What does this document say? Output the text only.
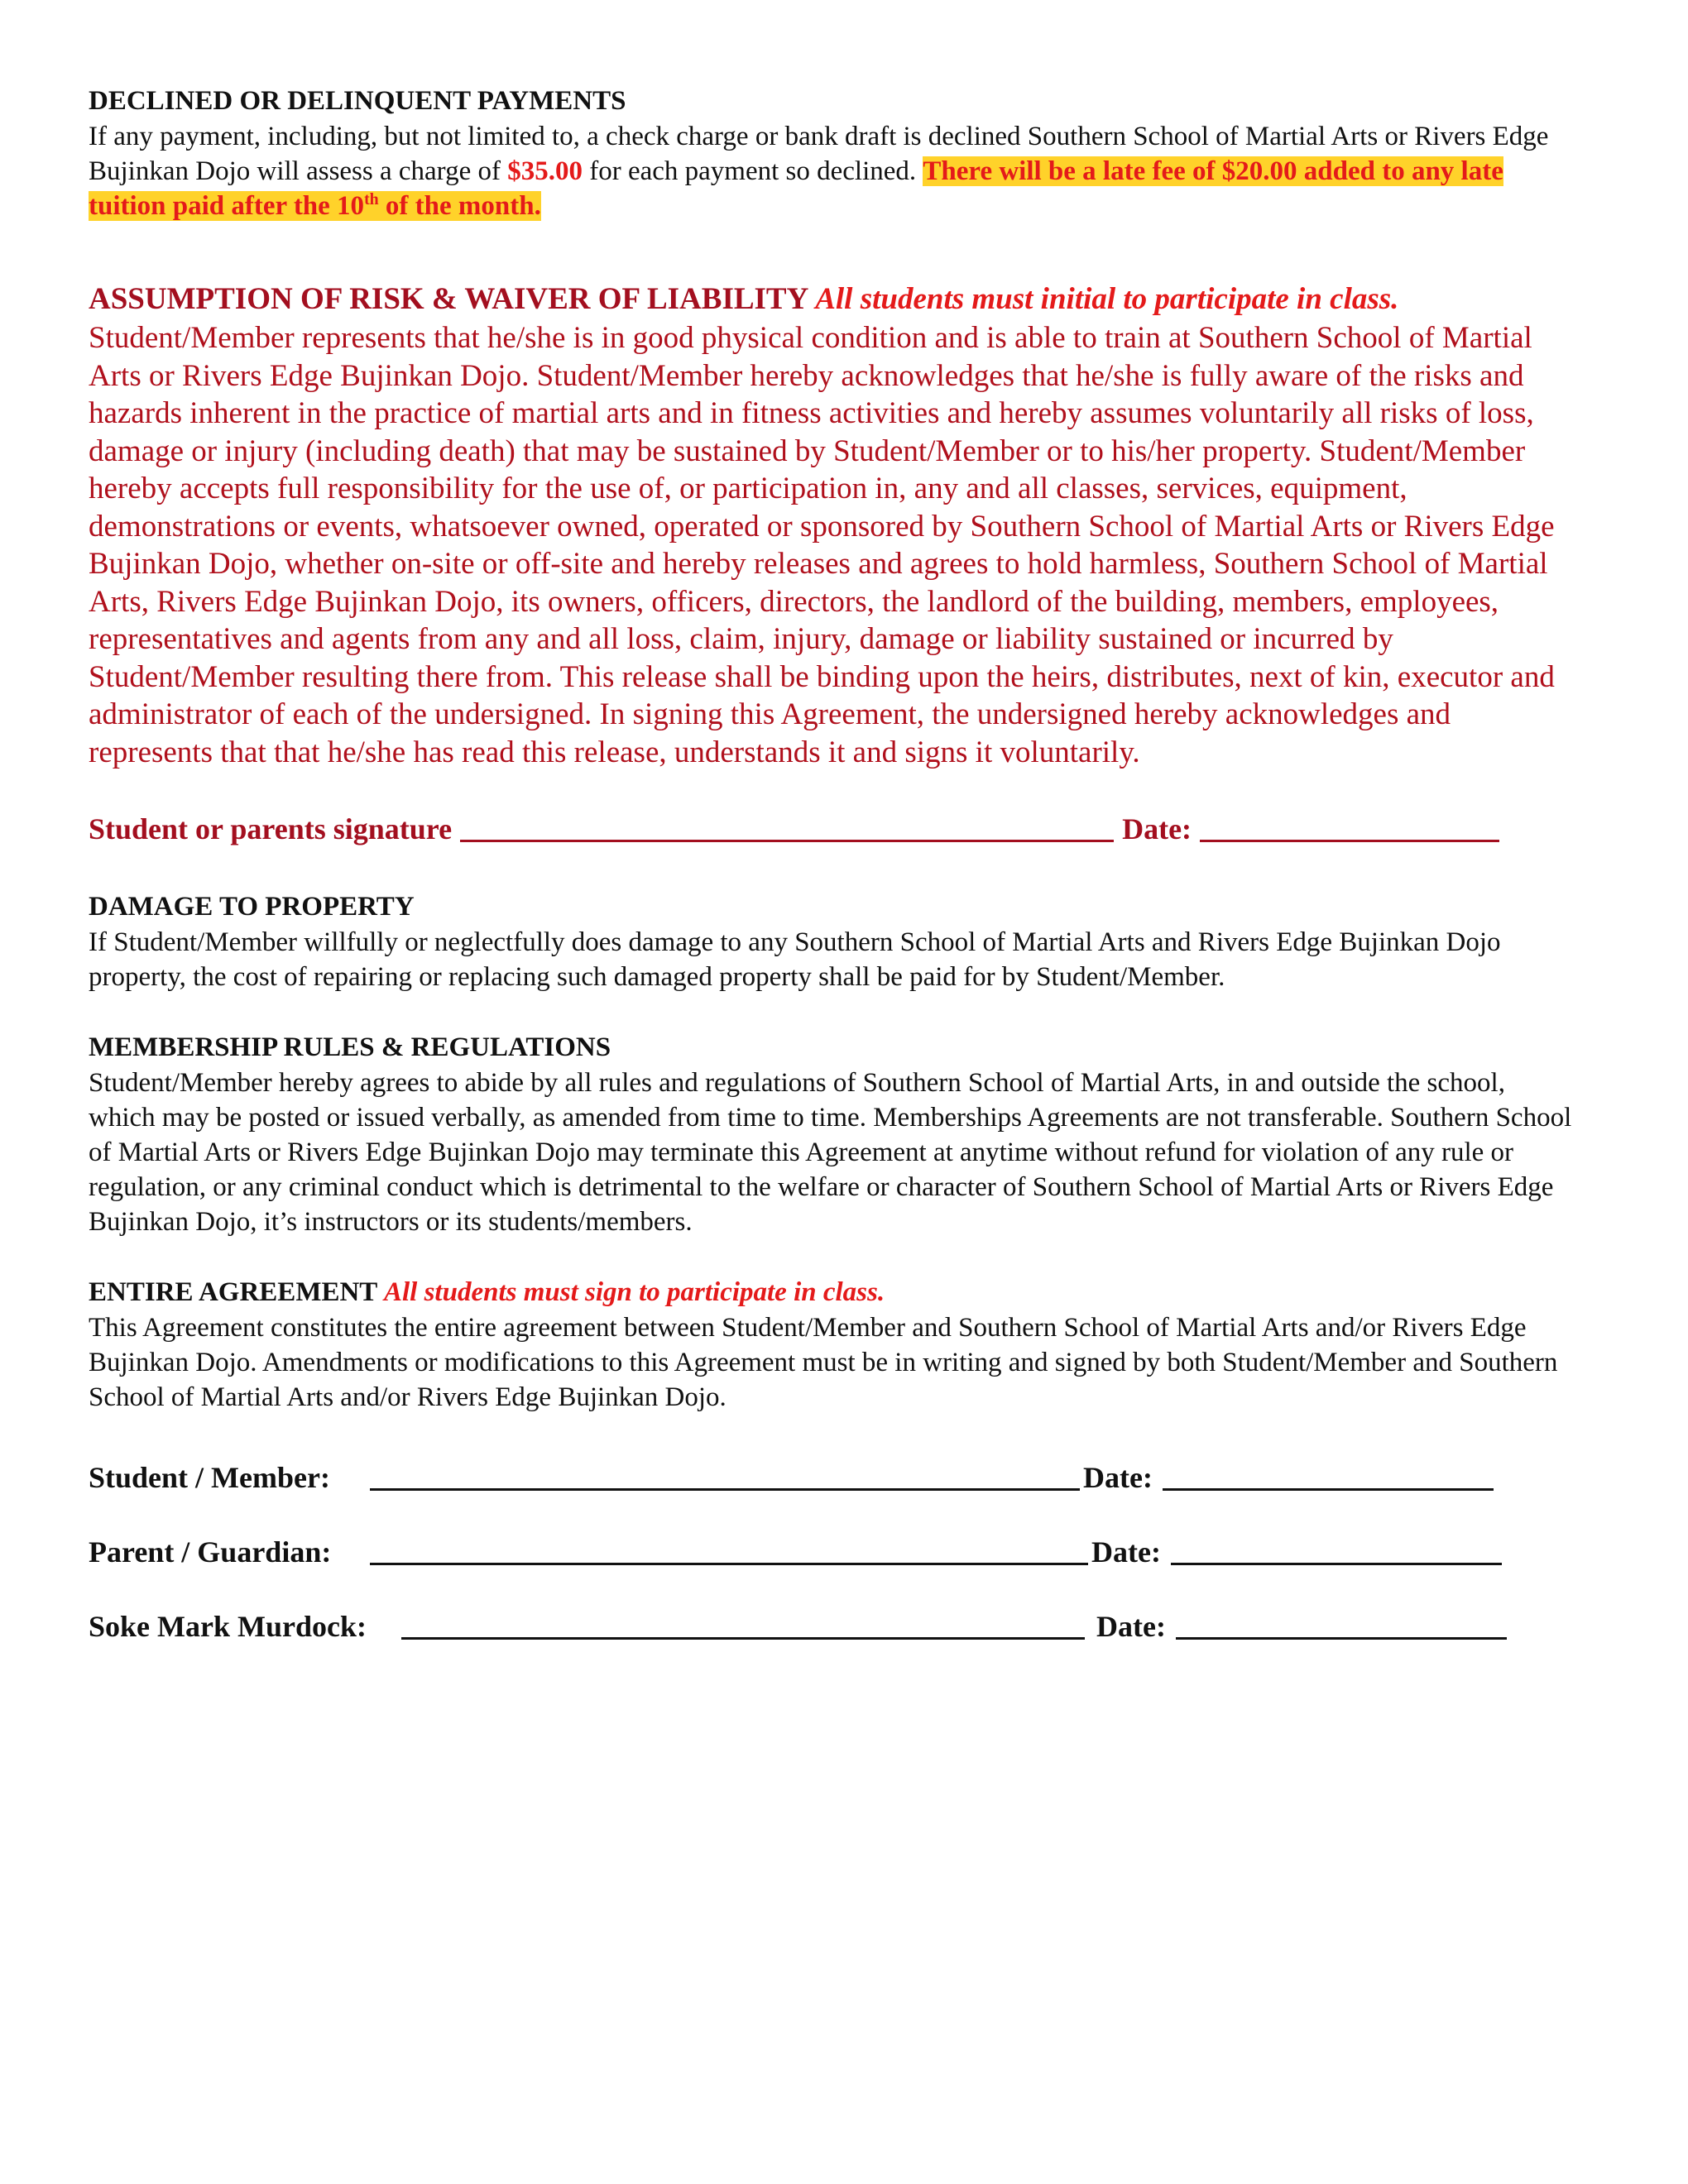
DECLINED OR DELINQUENT PAYMENTS

If any payment, including, but not limited to, a check charge or bank draft is declined Southern School of Martial Arts or Rivers Edge Bujinkan Dojo will assess a charge of $35.00 for each payment so declined. There will be a late fee of $20.00 added to any late tuition paid after the 10th of the month.

ASSUMPTION OF RISK & WAIVER OF LIABILITY All students must initial to participate in class.

Student/Member represents that he/she is in good physical condition and is able to train at Southern School of Martial Arts or Rivers Edge Bujinkan Dojo. Student/Member hereby acknowledges that he/she is fully aware of the risks and hazards inherent in the practice of martial arts and in fitness activities and hereby assumes voluntarily all risks of loss, damage or injury (including death) that may be sustained by Student/Member or to his/her property. Student/Member hereby accepts full responsibility for the use of, or participation in, any and all classes, services, equipment, demonstrations or events, whatsoever owned, operated or sponsored by Southern School of Martial Arts or Rivers Edge Bujinkan Dojo, whether on-site or off-site and hereby releases and agrees to hold harmless, Southern School of Martial Arts, Rivers Edge Bujinkan Dojo, its owners, officers, directors, the landlord of the building, members, employees, representatives and agents from any and all loss, claim, injury, damage or liability sustained or incurred by Student/Member resulting there from. This release shall be binding upon the heirs, distributes, next of kin, executor and administrator of each of the undersigned. In signing this Agreement, the undersigned hereby acknowledges and represents that that he/she has read this release, understands it and signs it voluntarily.

Student or parents signature	Date:

DAMAGE TO PROPERTY

If Student/Member willfully or neglectfully does damage to any Southern School of Martial Arts and Rivers Edge Bujinkan Dojo property, the cost of repairing or replacing such damaged property shall be paid for by Student/Member.

MEMBERSHIP RULES & REGULATIONS

Student/Member hereby agrees to abide by all rules and regulations of Southern School of Martial Arts, in and outside the school, which may be posted or issued verbally, as amended from time to time. Memberships Agreements are not transferable. Southern School of Martial Arts or Rivers Edge Bujinkan Dojo may terminate this Agreement at anytime without refund for violation of any rule or regulation, or any criminal conduct which is detrimental to the welfare or character of Southern School of Martial Arts or Rivers Edge Bujinkan Dojo, it’s instructors or its students/members.

ENTIRE AGREEMENT All students must sign to participate in class.

This Agreement constitutes the entire agreement between Student/Member and Southern School of Martial Arts and/or Rivers Edge Bujinkan Dojo. Amendments or modifications to this Agreement must be in writing and signed by both Student/Member and Southern School of Martial Arts and/or Rivers Edge Bujinkan Dojo.

Student / Member:	Date:
Parent / Guardian:	Date:
Soke Mark Murdock:	Date:
